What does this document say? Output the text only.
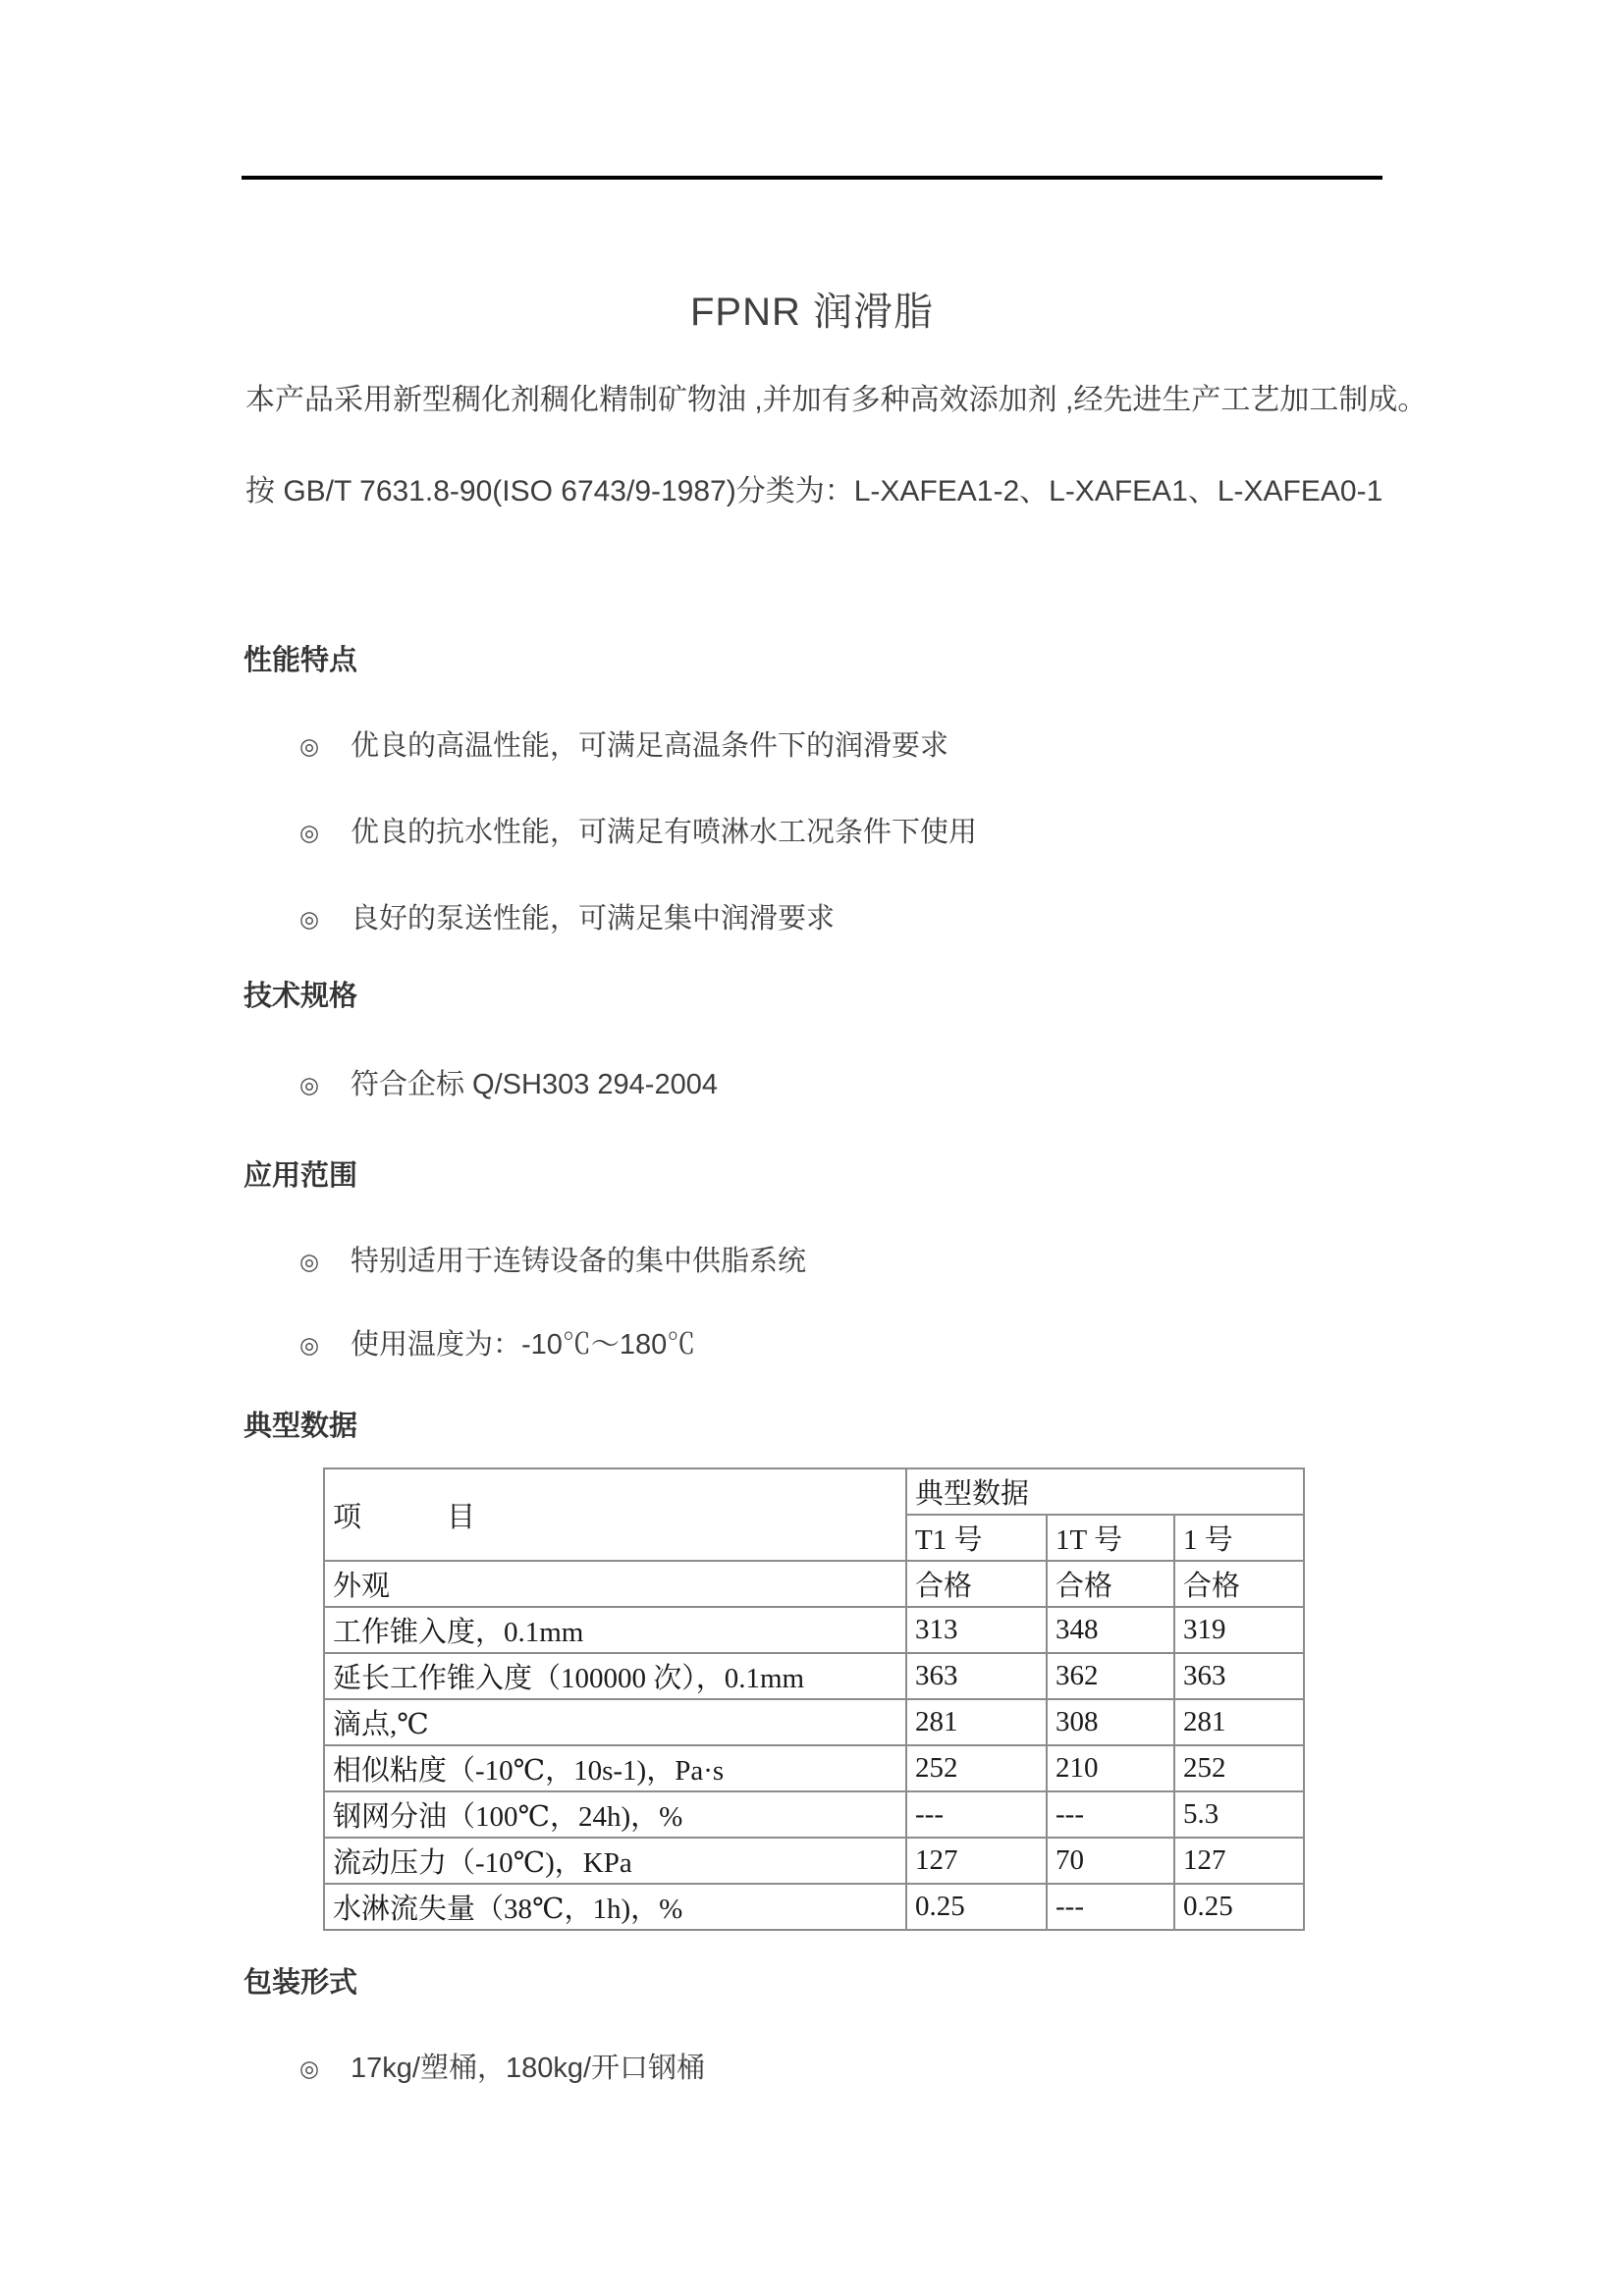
FPNR 润滑脂
本产品采用新型稠化剂稠化精制矿物油 ,并加有多种高效添加剂 ,经先进生产工艺加工制成。
按 GB/T 7631.8-90(ISO 6743/9-1987)分类为：L-XAFEA1-2、L-XAFEA1、L-XAFEA0-1
性能特点
◎ 优良的高温性能，可满足高温条件下的润滑要求
◎ 优良的抗水性能，可满足有喷淋水工况条件下使用
◎ 良好的泵送性能，可满足集中润滑要求
技术规格
◎ 符合企标 Q/SH303 294-2004
应用范围
◎ 特别适用于连铸设备的集中供脂系统
◎ 使用温度为：-10℃～180℃
典型数据
项　　　目	典型数据		
	T1 号	1T 号	1 号
外观	合格	合格	合格
工作锥入度，0.1mm	313	348	319
延长工作锥入度（100000 次），0.1mm	363	362	363
滴点,℃	281	308	281
相似粘度（-10℃，10s-1)，Pa·s	252	210	252
钢网分油（100℃，24h)，%	---	---	5.3
流动压力（-10℃)，KPa	127	70	127
水淋流失量（38℃，1h)，%	0.25	---	0.25
包装形式
◎ 17kg/塑桶，180kg/开口钢桶
